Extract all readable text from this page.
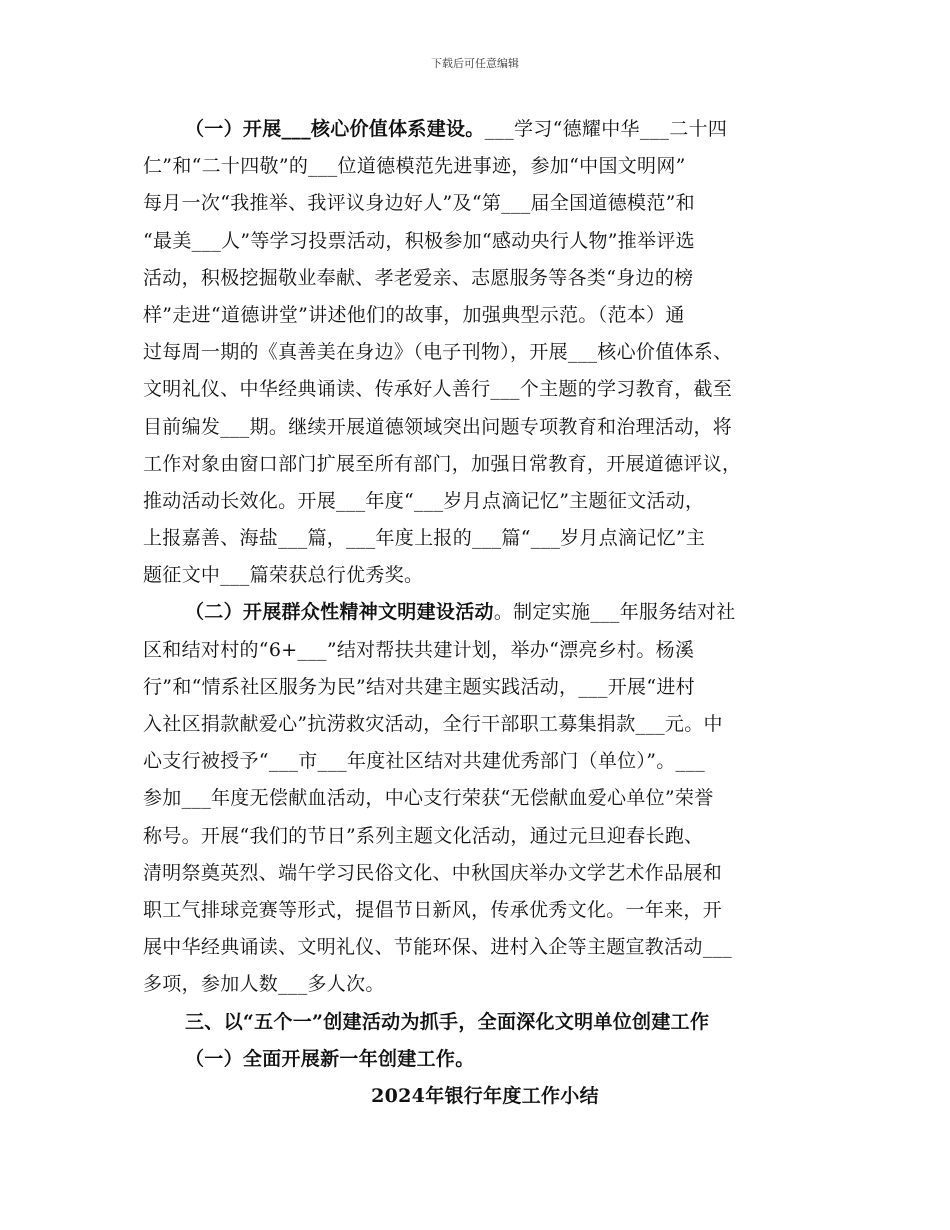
下载后可任意编辑
（一）开展___核心价值体系建设。___学习“德耀中华___二十四
仁”和“二十四敬”的___位道德模范先进事迹，参加“中国文明网”
每月一次“我推举、我评议身边好人”及“第___届全国道德模范”和
“最美___人”等学习投票活动，积极参加“感动央行人物”推举评选
活动，积极挖掘敬业奉献、孝老爱亲、志愿服务等各类“身边的榜
样”走进“道德讲堂”讲述他们的故事，加强典型示范。（范本）通
过每周一期的《真善美在身边》（电子刊物），开展___核心价值体系、
文明礼仪、中华经典诵读、传承好人善行___个主题的学习教育，截至
目前编发___期。继续开展道德领域突出问题专项教育和治理活动，将
工作对象由窗口部门扩展至所有部门，加强日常教育，开展道德评议，
推动活动长效化。开展___年度“___岁月点滴记忆”主题征文活动，
上报嘉善、海盐___篇，___年度上报的___篇“___岁月点滴记忆”主
题征文中___篇荣获总行优秀奖。
（二）开展群众性精神文明建设活动。制定实施___年服务结对社
区和结对村的“6+___”结对帮扶共建计划，举办“漂亮乡村。杨溪
行”和“情系社区服务为民”结对共建主题实践活动，___开展“进村
入社区捐款献爱心”抗涝救灾活动，全行干部职工募集捐款___元。中
心支行被授予“___市___年度社区结对共建优秀部门（单位）”。___
参加___年度无偿献血活动，中心支行荣获“无偿献血爱心单位”荣誉
称号。开展“我们的节日”系列主题文化活动，通过元旦迎春长跑、
清明祭奠英烈、端午学习民俗文化、中秋国庆举办文学艺术作品展和
职工气排球竞赛等形式，提倡节日新风，传承优秀文化。一年来，开
展中华经典诵读、文明礼仪、节能环保、进村入企等主题宣教活动___
多项，参加人数___多人次。
三、以“五个一”创建活动为抓手，全面深化文明单位创建工作
（一）全面开展新一年创建工作。
2024年银行年度工作小结
